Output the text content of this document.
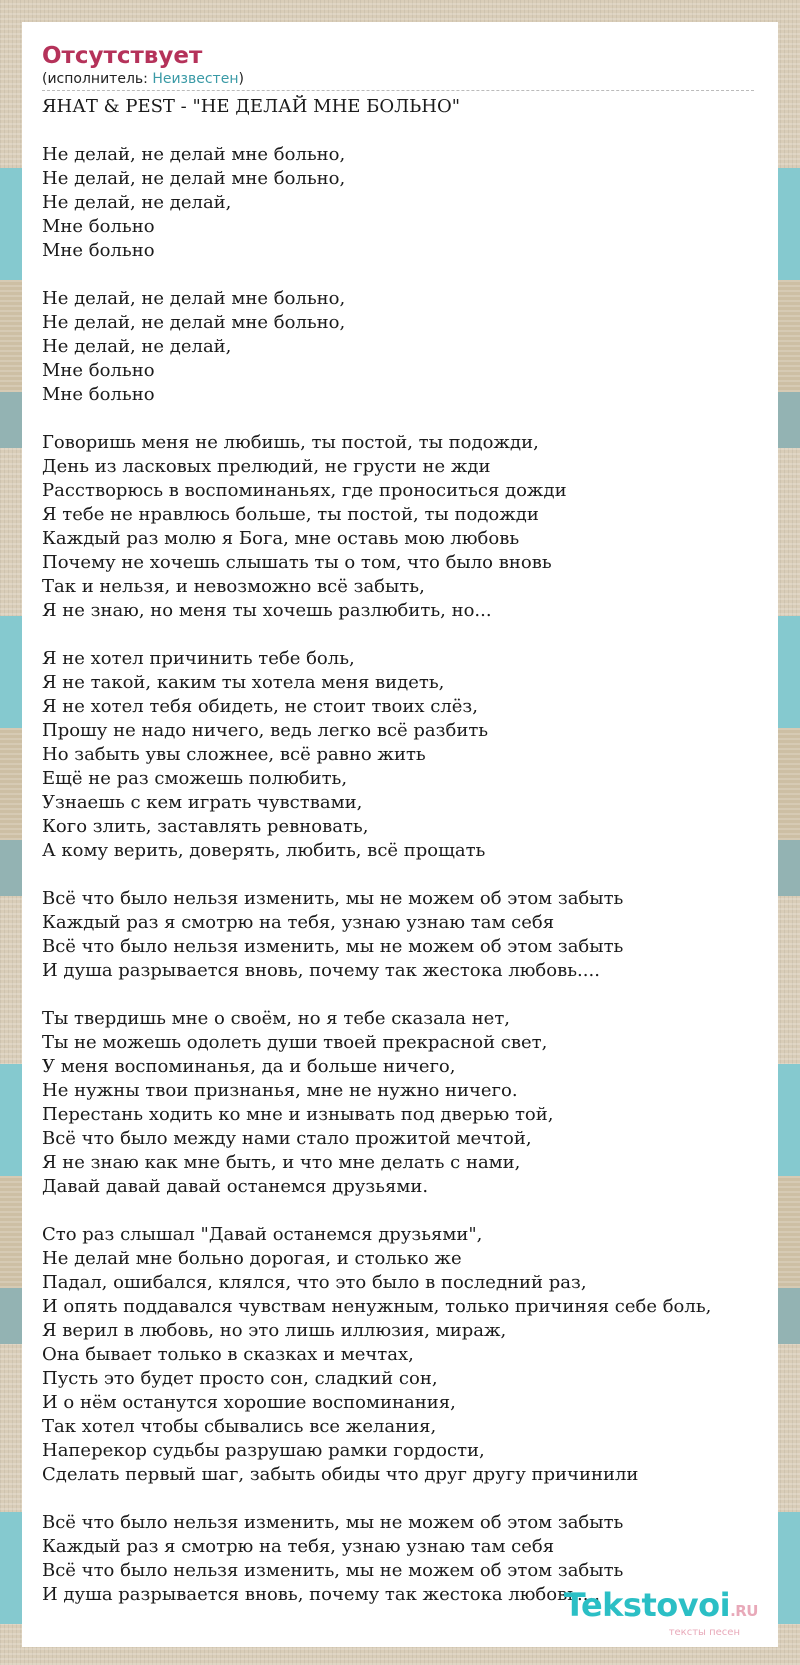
Отсутствует
(исполнитель: Неизвестен)
ЯНАТ & PEST - "НЕ ДЕЛАЙ МНЕ БОЛЬНО"

Не делай, не делай мне больно,
Не делай, не делай мне больно,
Не делай, не делай,
Мне больно
Мне больно

Не делай, не делай мне больно,
Не делай, не делай мне больно,
Не делай, не делай,
Мне больно
Мне больно

Говоришь меня не любишь, ты постой, ты подожди,
День из ласковых прелюдий, не грусти не жди
Расстворюсь в воспоминаньях, где проноситься дожди
Я тебе не нравлюсь больше, ты постой, ты подожди
Каждый раз молю я Бога, мне оставь мою любовь
Почему не хочешь слышать ты о том, что было вновь
Так и нельзя, и невозможно всё забыть,
Я не знаю, но меня ты хочешь разлюбить, но...

Я не хотел причинить тебе боль,
Я не такой, каким ты хотела меня видеть,
Я не хотел тебя обидеть, не стоит твоих слёз,
Прошу не надо ничего, ведь легко всё разбить
Но забыть увы сложнее, всё равно жить
Ещё не раз сможешь полюбить,
Узнаешь с кем играть чувствами,
Кого злить, заставлять ревновать,
А кому верить, доверять, любить, всё прощать

Всё что было нельзя изменить, мы не можем об этом забыть
Каждый раз я смотрю на тебя, узнаю узнаю там себя
Всё что было нельзя изменить, мы не можем об этом забыть
И душа разрывается вновь, почему так жестока любовь....

Ты твердишь мне о своём, но я тебе сказала нет,
Ты не можешь одолеть души твоей прекрасной свет,
У меня воспоминанья, да и больше ничего,
Не нужны твои признанья, мне не нужно ничего.
Перестань ходить ко мне и изнывать под дверью той,
Всё что было между нами стало прожитой мечтой,
Я не знаю как мне быть, и что мне делать с нами,
Давай давай давай останемся друзьями.

Сто раз слышал "Давай останемся друзьями",
Не делай мне больно дорогая, и столько же
Падал, ошибался, клялся, что это было в последний раз,
И опять поддавался чувствам ненужным, только причиняя себе боль,
Я верил в любовь, но это лишь иллюзия, мираж,
Она бывает только в сказках и мечтах,
Пусть это будет просто сон, сладкий сон,
И о нём останутся хорошие воспоминания,
Так хотел чтобы сбывались все желания,
Наперекор судьбы разрушаю рамки гордости,
Сделать первый шаг, забыть обиды что друг другу причинили

Всё что было нельзя изменить, мы не можем об этом забыть
Каждый раз я смотрю на тебя, узнаю узнаю там себя
Всё что было нельзя изменить, мы не можем об этом забыть
И душа разрывается вновь, почему так жестока любовь....
Tekstovoi.RU
тексты песен
